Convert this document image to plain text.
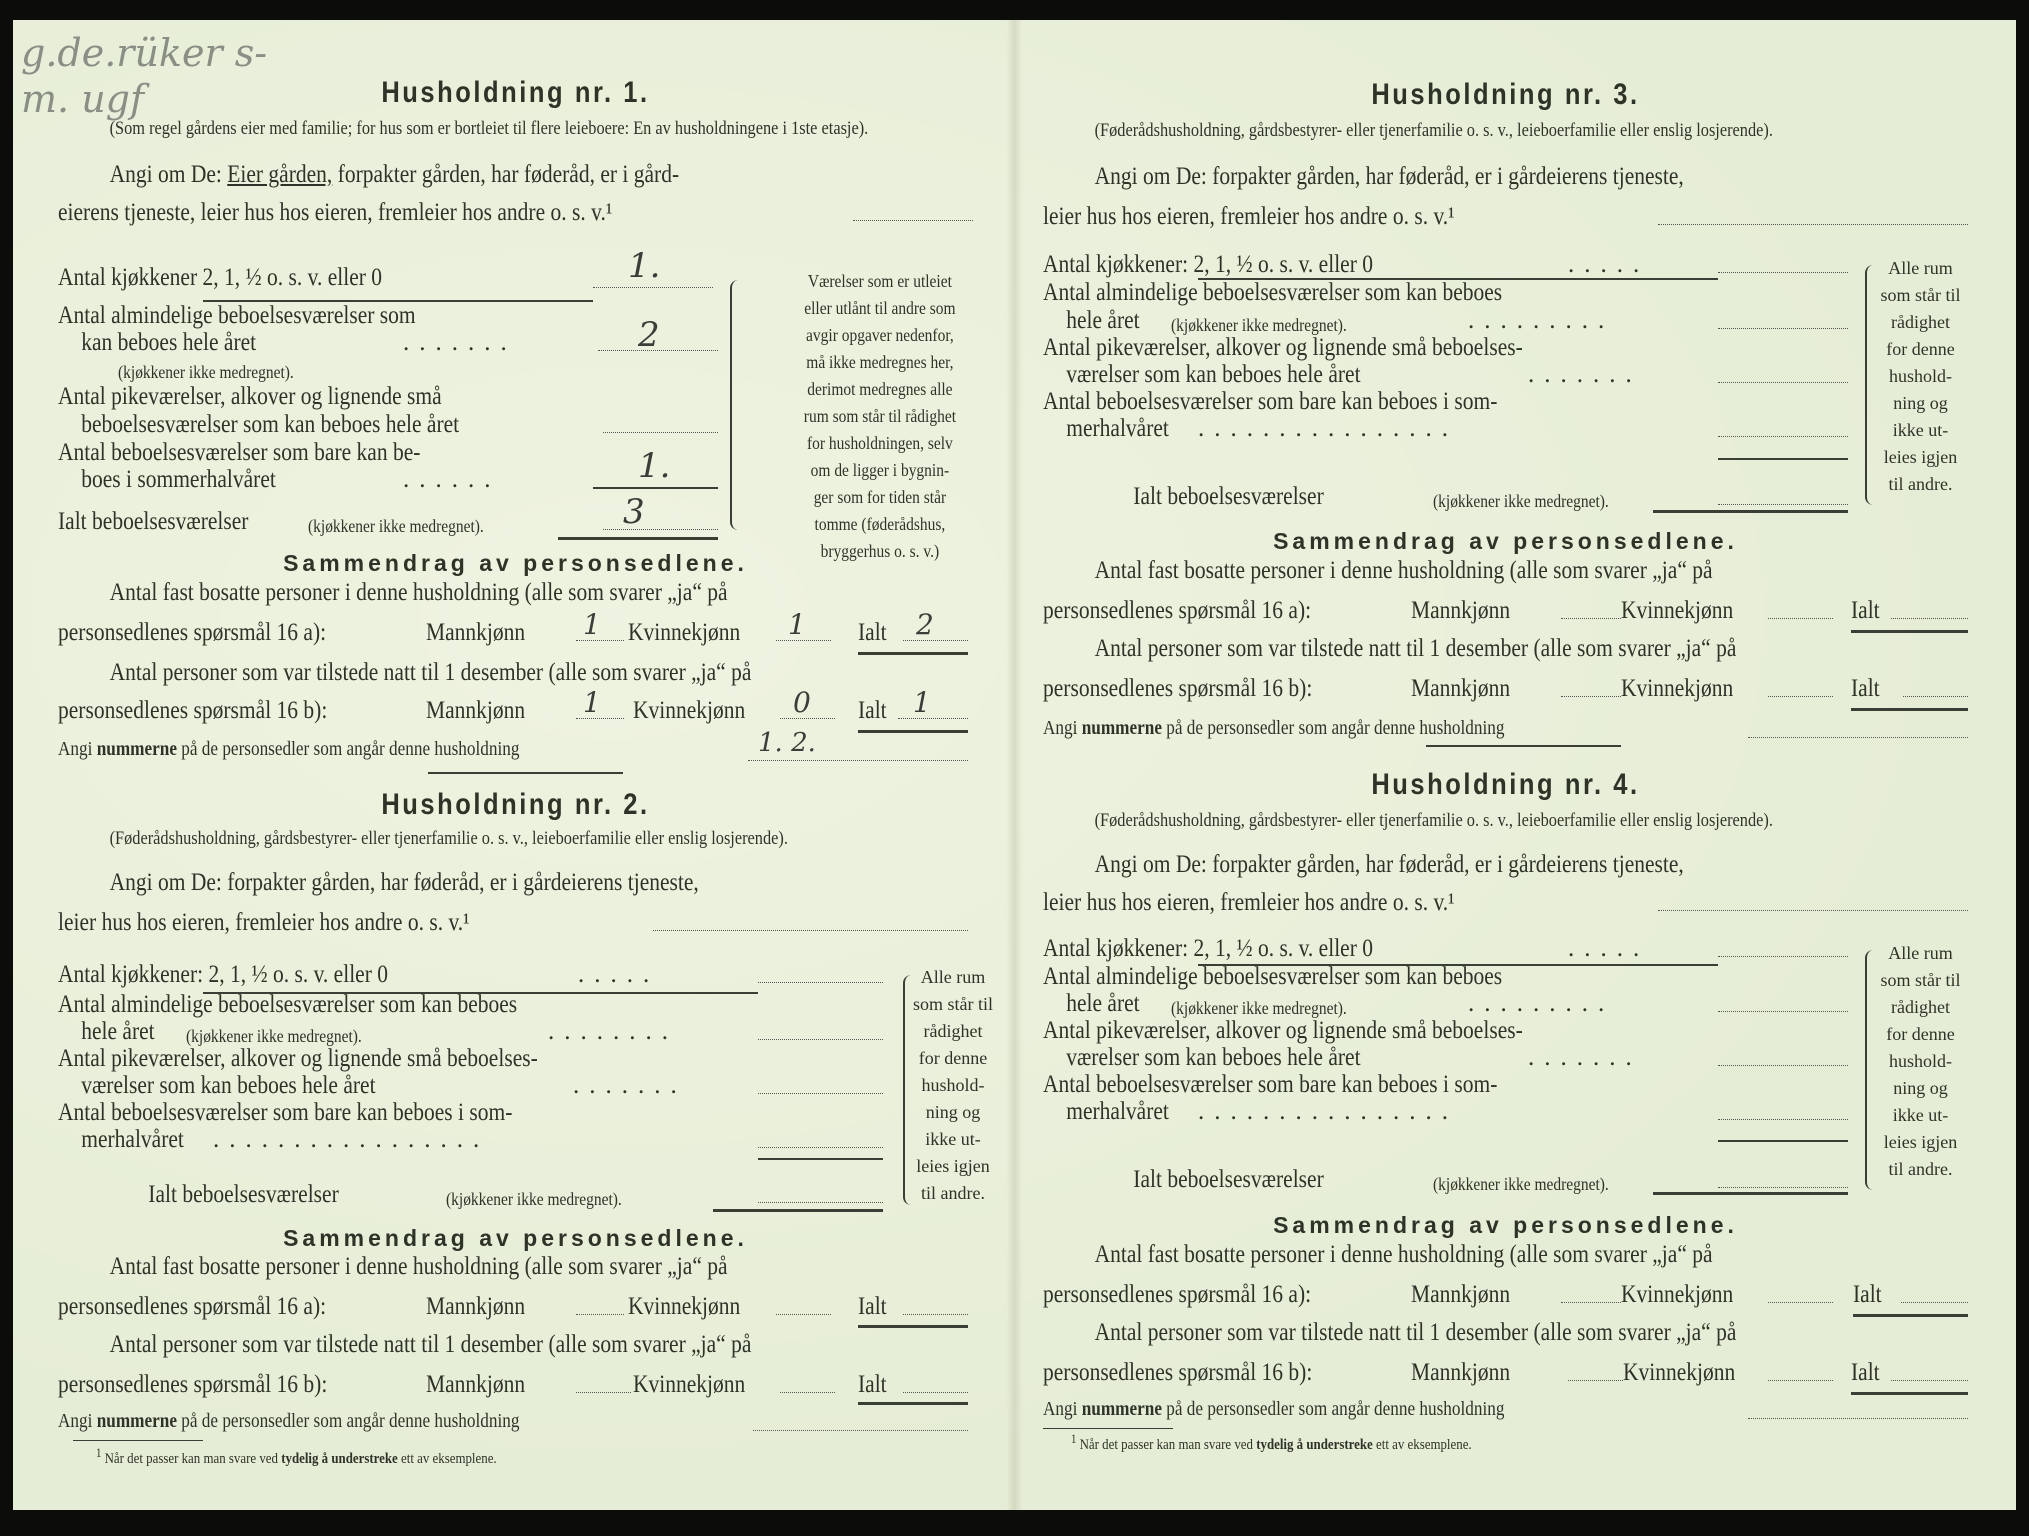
g.de.rüker s-
m. ugf	Husholdning nr. 1.
(Som regel gårdens eier med familie; for hus som er bortleiet til flere leieboere: En av husholdningene i 1ste etasje).
Angi om De: Eier gården, forpakter gården, har føderåd, er i gård-
eierens tjeneste, leier hus hos eieren, fremleier hos andre o. s. v.¹
Antal kjøkkener 2, 1, ½ o. s. v. eller 0	1.
Antal almindelige beboelsesværelser som
kan beboes hele året	.......	2
(kjøkkener ikke medregnet).
Antal pikeværelser, alkover og lignende små
beboelsesværelser som kan beboes hele året
Antal beboelsesværelser som bare kan be-
boes i sommerhalvåret	......	1.
Ialt beboelsesværelser	(kjøkkener ikke medregnet).	3
Værelser som er utleiet
eller utlånt til andre som
avgir opgaver nedenfor,
må ikke medregnes her,
derimot medregnes alle
rum som står til rådighet
for husholdningen, selv
om de ligger i bygnin-
ger som for tiden står
tomme (føderådshus,
bryggerhus o. s. v.)
Sammendrag av personsedlene.
Antal fast bosatte personer i denne husholdning (alle som svarer „ja“ på
personsedlenes spørsmål 16 a):	Mannkjønn 1 Kvinnekjønn 1 Ialt 2
Antal personer som var tilstede natt til 1 desember (alle som svarer „ja“ på
personsedlenes spørsmål 16 b):	Mannkjønn 1 Kvinnekjønn 0 Ialt 1
Angi nummerne på de personsedler som angår denne husholdning	1. 2.
Husholdning nr. 2.
(Føderådshusholdning, gårdsbestyrer- eller tjenerfamilie o. s. v., leieboerfamilie eller enslig losjerende).
Angi om De: forpakter gården, har føderåd, er i gårdeierens tjeneste,
leier hus hos eieren, fremleier hos andre o. s. v.¹
Antal kjøkkener: 2, 1, ½ o. s. v. eller 0	.....
Antal almindelige beboelsesværelser som kan beboes
hele året (kjøkkener ikke medregnet).	........
Antal pikeværelser, alkover og lignende små beboelses-
værelser som kan beboes hele året	.......
Antal beboelsesværelser som bare kan beboes i som-
merhalvåret .................
Ialt beboelsesværelser	(kjøkkener ikke medregnet).
Alle rum
som står til
rådighet
for denne
hushold-
ning og
ikke ut-
leies igjen
til andre.
Sammendrag av personsedlene.
Antal fast bosatte personer i denne husholdning (alle som svarer „ja“ på
personsedlenes spørsmål 16 a):	Mannkjønn	Kvinnekjønn	Ialt
Antal personer som var tilstede natt til 1 desember (alle som svarer „ja“ på
personsedlenes spørsmål 16 b):	Mannkjønn	Kvinnekjønn	Ialt
Angi nummerne på de personsedler som angår denne husholdning
$^1$ Når det passer kan man svare ved tydelig å understreke ett av eksemplene.
Husholdning nr. 3.
(Føderådshusholdning, gårdsbestyrer- eller tjenerfamilie o. s. v., leieboerfamilie eller enslig losjerende).
Angi om De: forpakter gården, har føderåd, er i gårdeierens tjeneste,
leier hus hos eieren, fremleier hos andre o. s. v.¹
Antal kjøkkener: 2, 1, ½ o. s. v. eller 0	.....
Antal almindelige beboelsesværelser som kan beboes
hele året (kjøkkener ikke medregnet).	.........
Antal pikeværelser, alkover og lignende små beboelses-
værelser som kan beboes hele året	.......
Antal beboelsesværelser som bare kan beboes i som-
merhalvåret ................
Ialt beboelsesværelser	(kjøkkener ikke medregnet).
Alle rum
som står til
rådighet
for denne
hushold-
ning og
ikke ut-
leies igjen
til andre.
Sammendrag av personsedlene.
Antal fast bosatte personer i denne husholdning (alle som svarer „ja“ på
personsedlenes spørsmål 16 a):	Mannkjønn	Kvinnekjønn	Ialt
Antal personer som var tilstede natt til 1 desember (alle som svarer „ja“ på
personsedlenes spørsmål 16 b):	Mannkjønn	Kvinnekjønn	Ialt
Angi nummerne på de personsedler som angår denne husholdning
Husholdning nr. 4.
(Føderådshusholdning, gårdsbestyrer- eller tjenerfamilie o. s. v., leieboerfamilie eller enslig losjerende).
Angi om De: forpakter gården, har føderåd, er i gårdeierens tjeneste,
leier hus hos eieren, fremleier hos andre o. s. v.¹
Antal kjøkkener: 2, 1, ½ o. s. v. eller 0	.....
Antal almindelige beboelsesværelser som kan beboes
hele året (kjøkkener ikke medregnet).	.........
Antal pikeværelser, alkover og lignende små beboelses-
værelser som kan beboes hele året	.......
Antal beboelsesværelser som bare kan beboes i som-
merhalvåret ................
Ialt beboelsesværelser	(kjøkkener ikke medregnet).
Alle rum
som står til
rådighet
for denne
hushold-
ning og
ikke ut-
leies igjen
til andre.
Sammendrag av personsedlene.
Antal fast bosatte personer i denne husholdning (alle som svarer „ja“ på
personsedlenes spørsmål 16 a):	Mannkjønn	Kvinnekjønn	Ialt
Antal personer som var tilstede natt til 1 desember (alle som svarer „ja“ på
personsedlenes spørsmål 16 b):	Mannkjønn	Kvinnekjønn	Ialt
Angi nummerne på de personsedler som angår denne husholdning
$^1$ Når det passer kan man svare ved tydelig å understreke ett av eksemplene.
